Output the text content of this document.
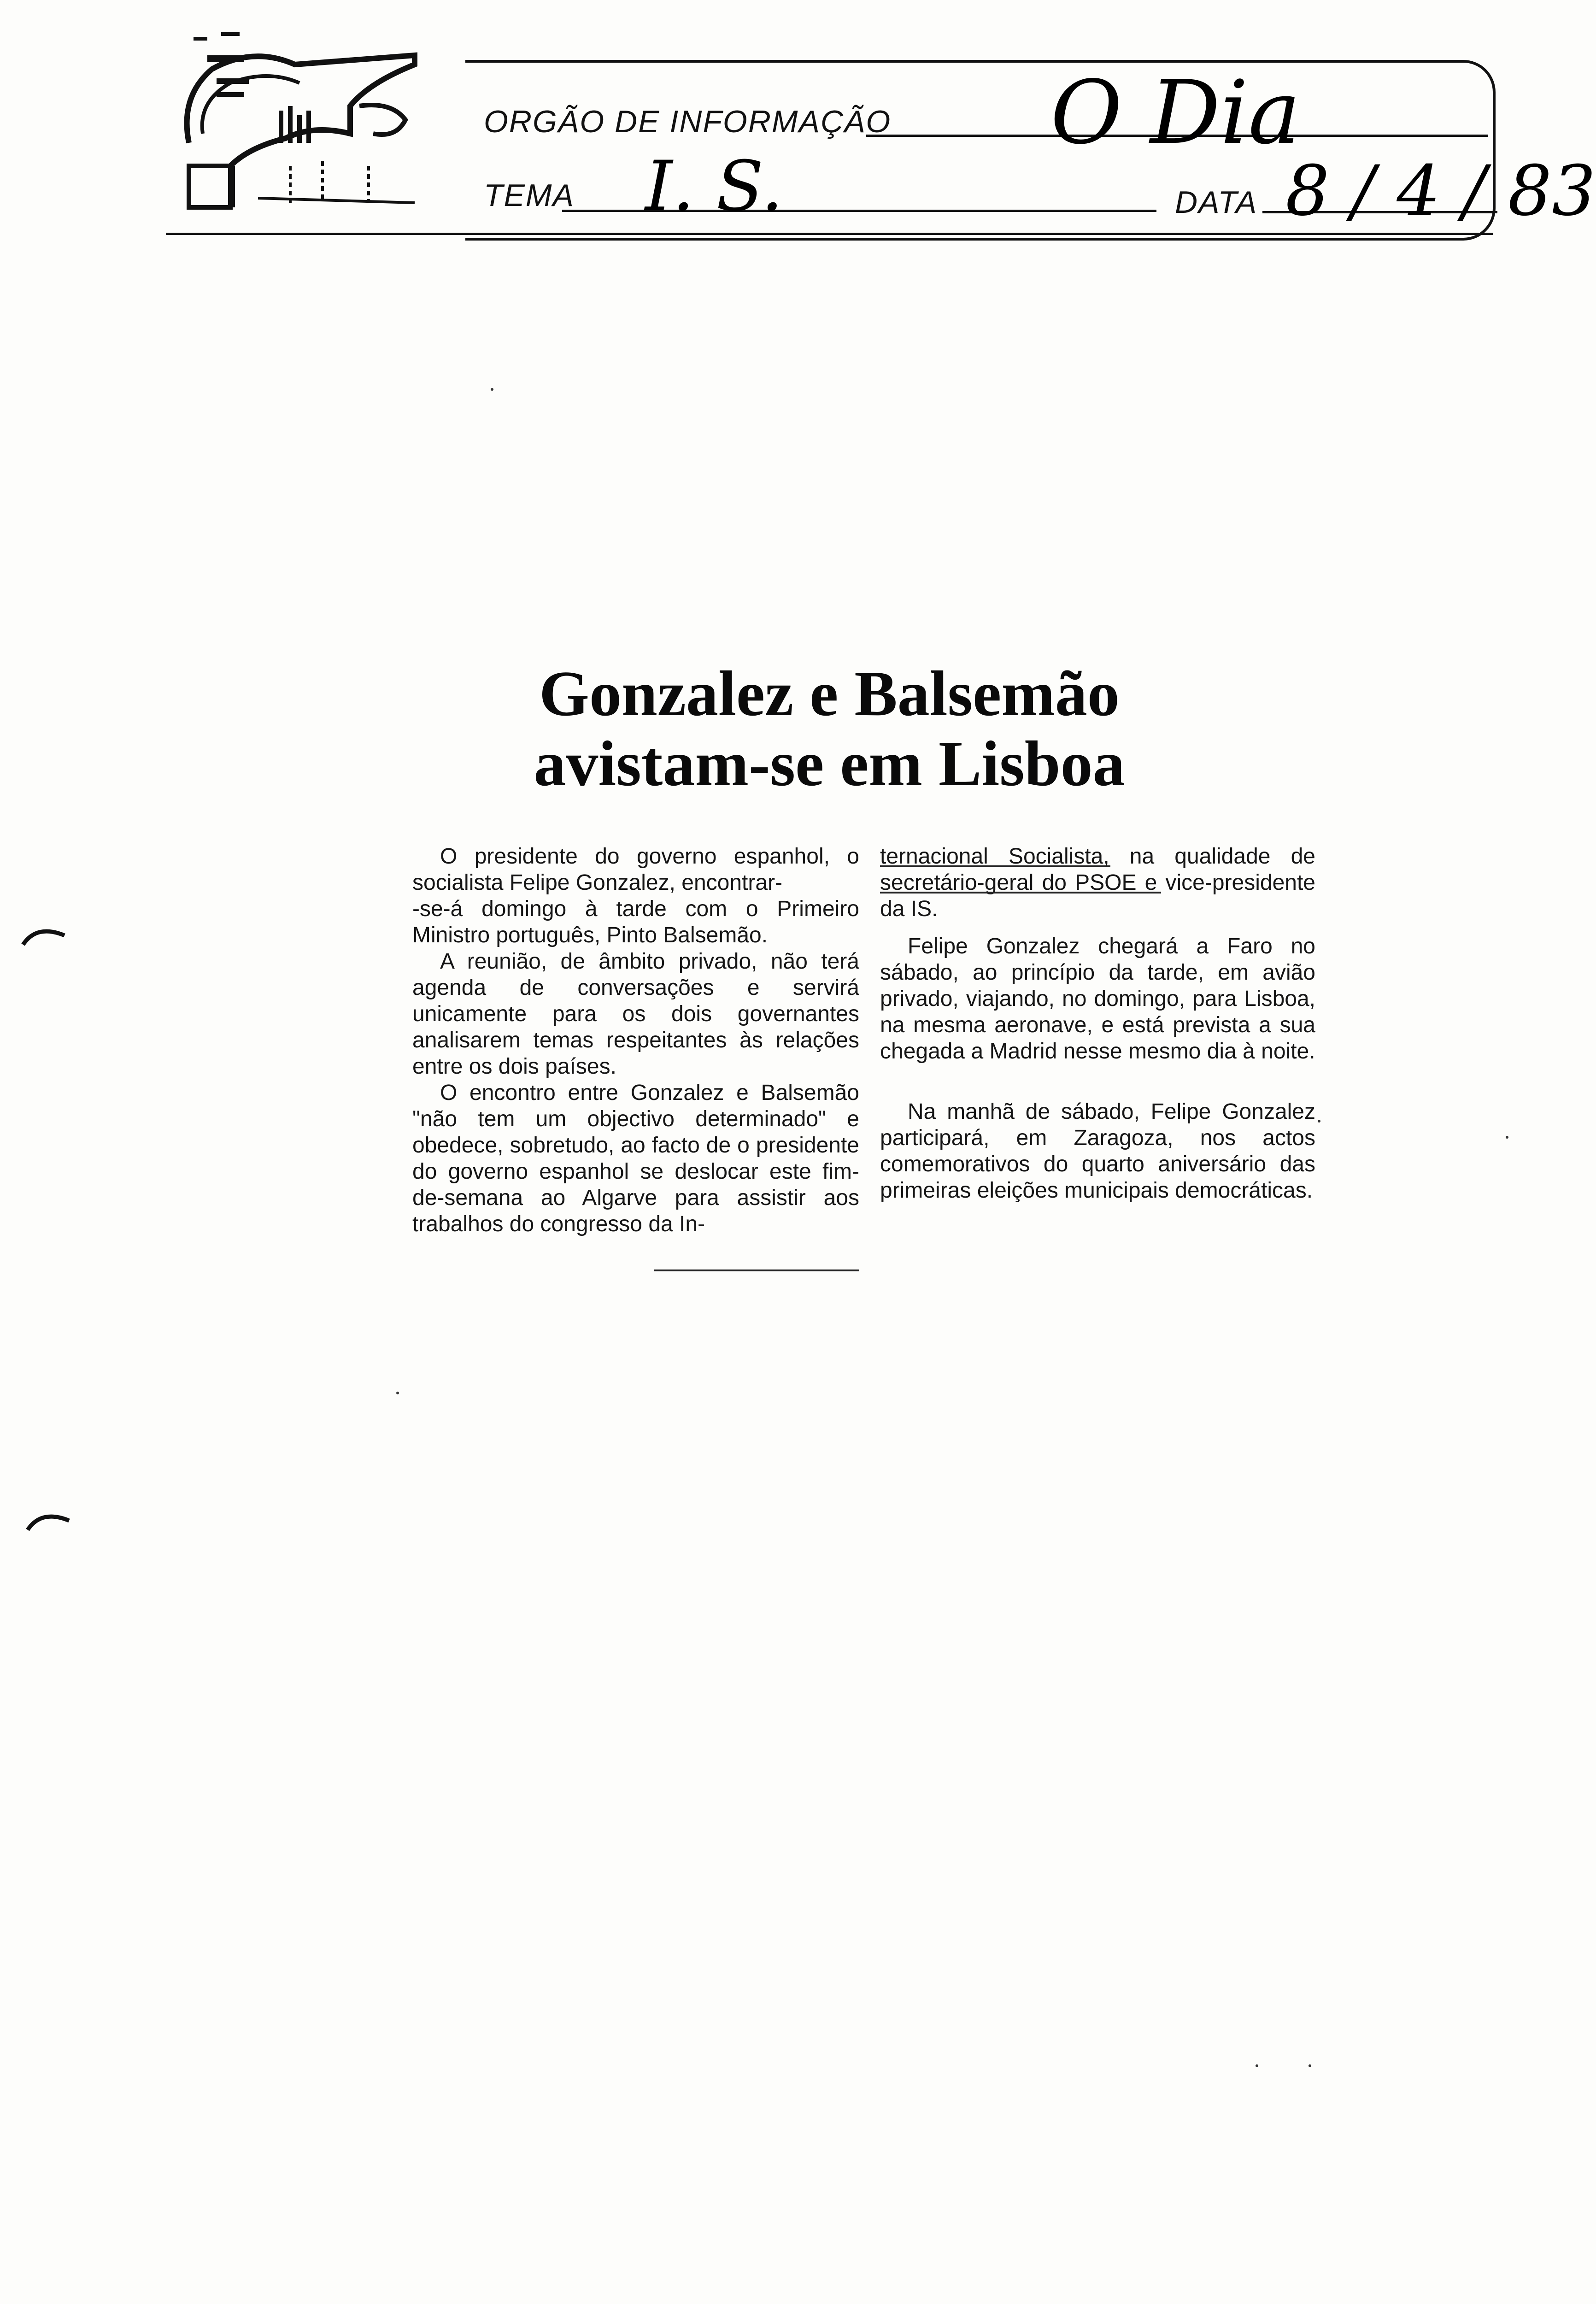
ORGÃO DE INFORMAÇÃO O Dia
TEMA I. S.	DATA 8 / 4 / 83
Gonzalez e Balsemão
avistam-se em Lisboa

O presidente do governo espanhol, o socialista Felipe Gonzalez, encontrar-
-se-á domingo à tarde com o Primeiro Ministro português, Pinto Balsemão.

A reunião, de âmbito privado, não terá agenda de conversações e servirá unicamente para os dois governantes analisarem temas respeitantes às relações entre os dois países.

O encontro entre Gonzalez e Balsemão "não tem um objectivo determinado" e obedece, sobretudo, ao facto de o presidente do governo espanhol se deslocar este fim-de-semana ao Algarve para assistir aos trabalhos do congresso da In-

ternacional Socialista, na qualidade de secretário-geral do PSOE e vice-presidente da IS.

Felipe Gonzalez chegará a Faro no sábado, ao princípio da tarde, em avião privado, viajando, no domingo, para Lisboa, na mesma aeronave, e está prevista a sua chegada a Madrid nesse mesmo dia à noite.

Na manhã de sábado, Felipe Gonzalez participará, em Zaragoza, nos actos comemorativos do quarto aniversário das primeiras eleições municipais democráticas.
